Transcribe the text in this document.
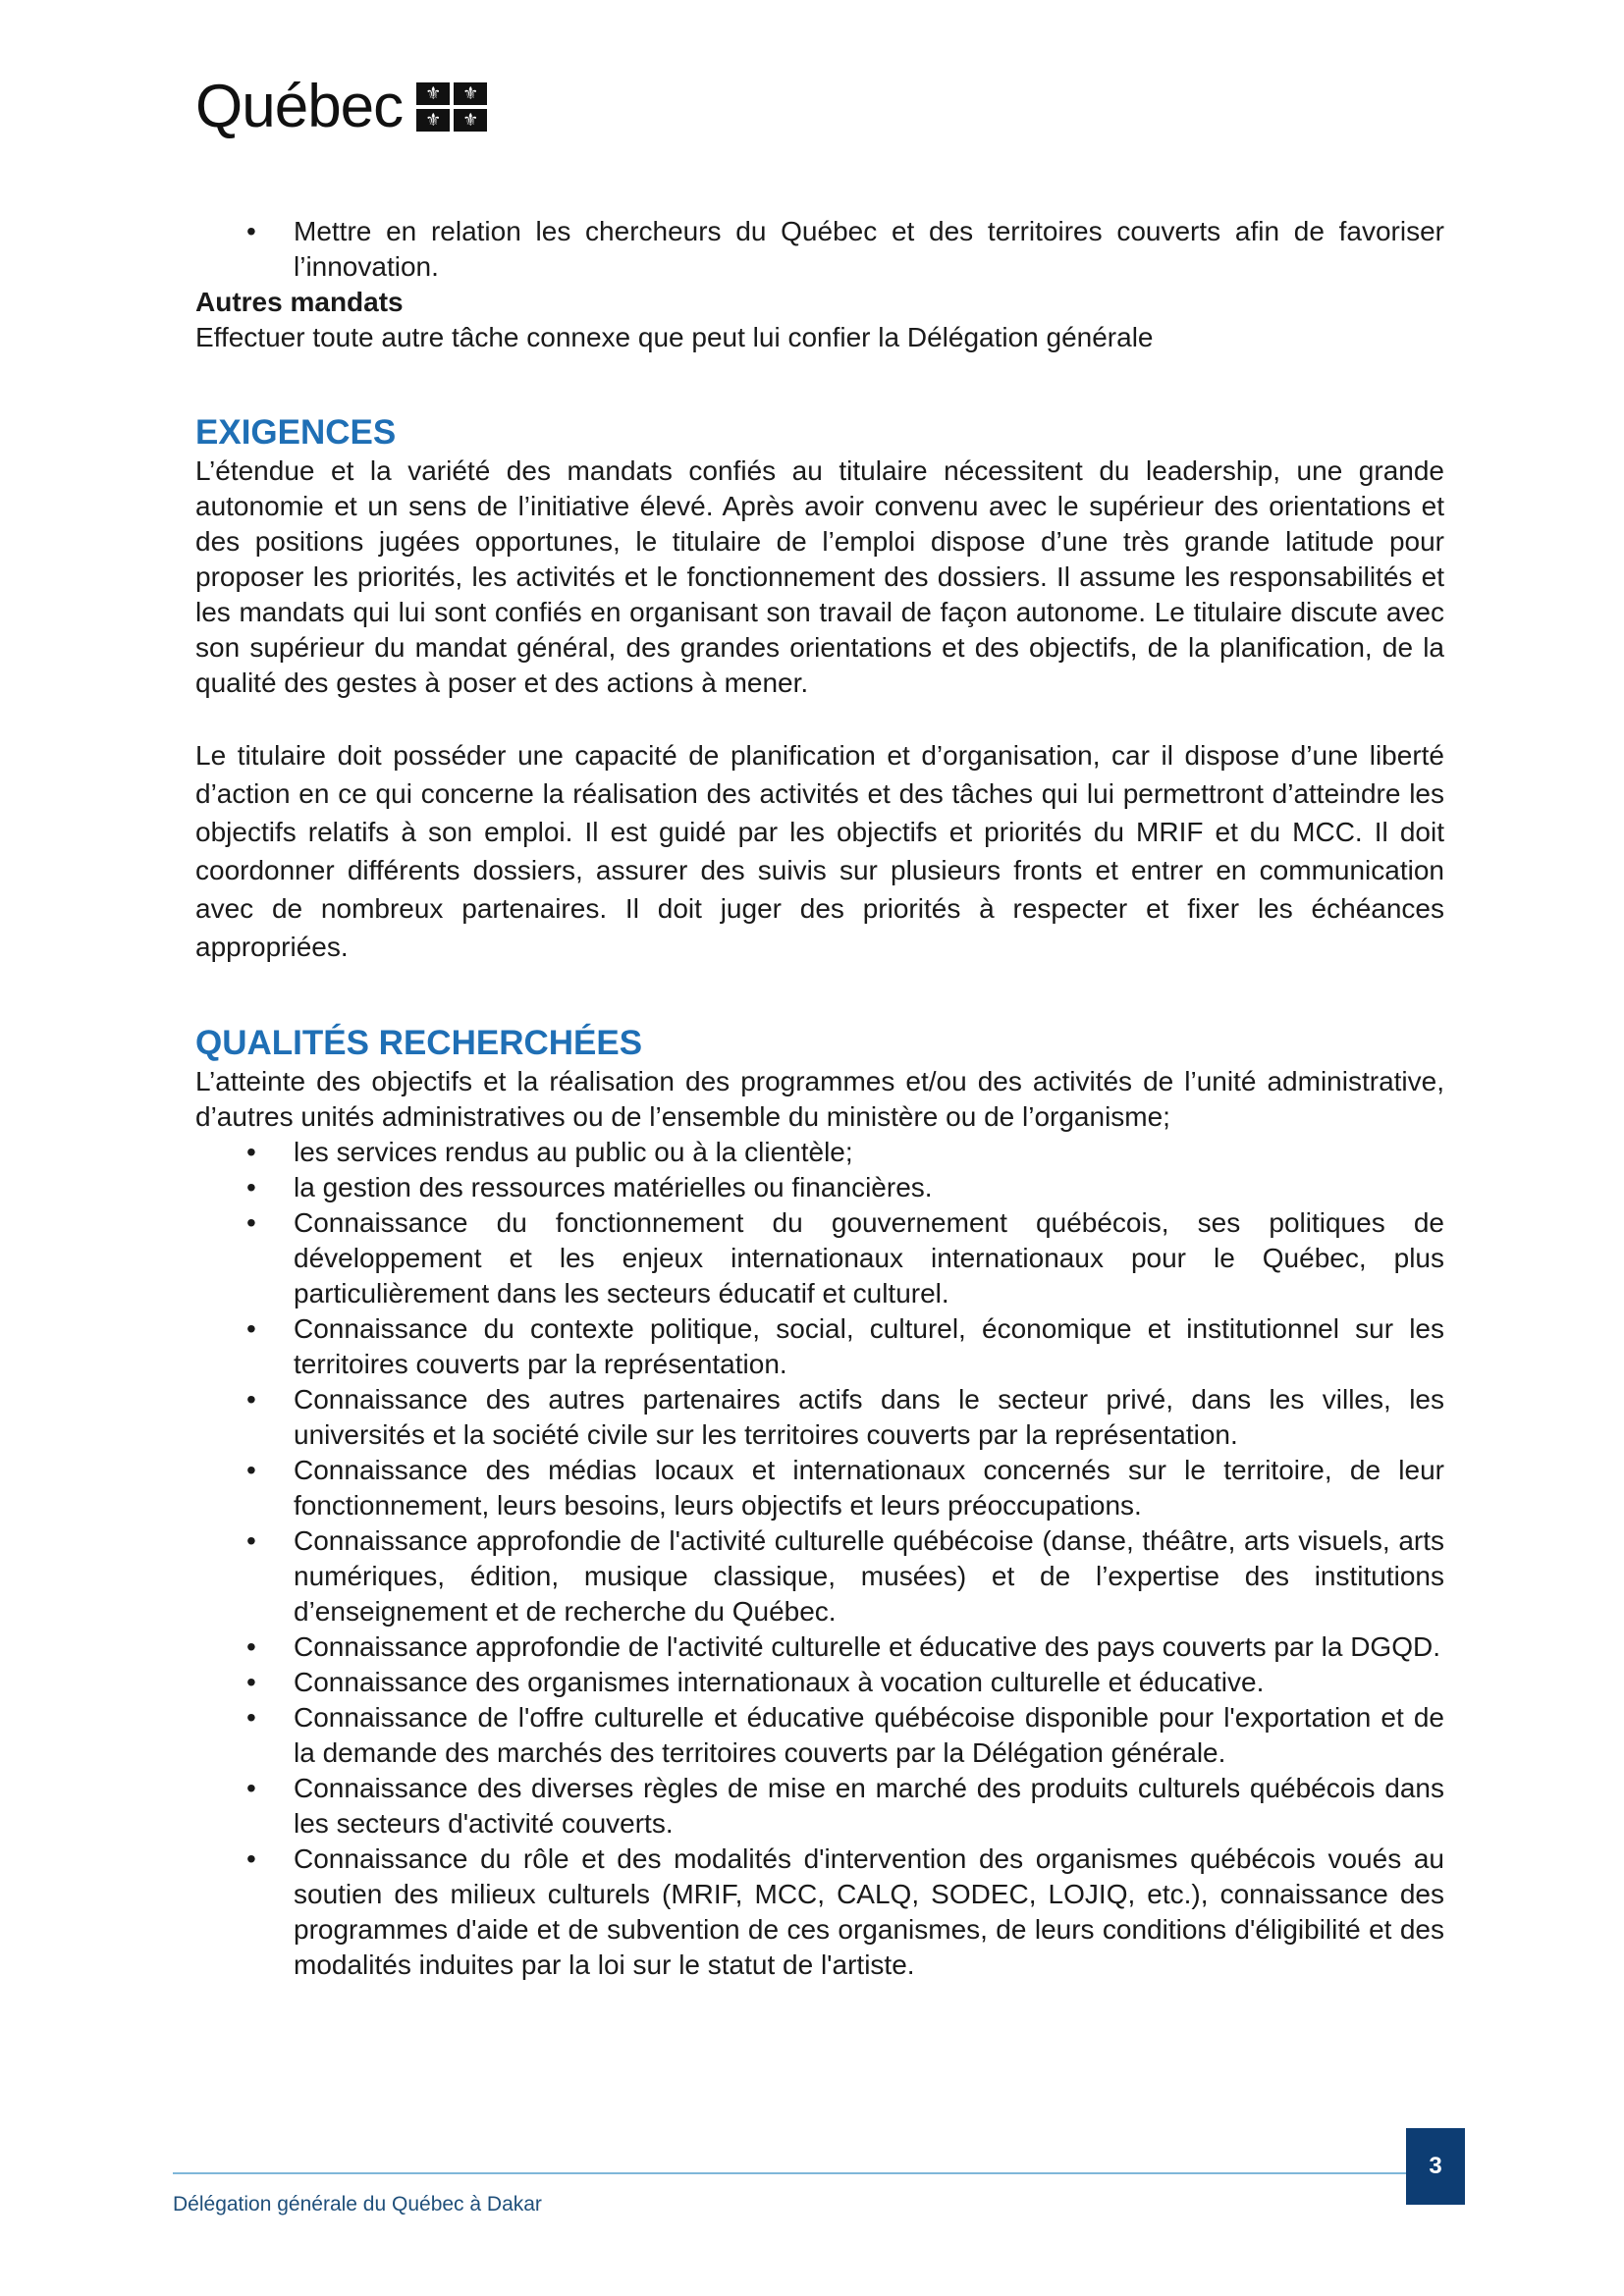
Québec	⚜	⚜
⚜	⚜
• Mettre en relation les chercheurs du Québec et des territoires couverts afin de favoriser l’innovation.

Autres mandats

Effectuer toute autre tâche connexe que peut lui confier la Délégation générale

EXIGENCES

L’étendue et la variété des mandats confiés au titulaire nécessitent du leadership, une grande autonomie et un sens de l’initiative élevé. Après avoir convenu avec le supérieur des orientations et des positions jugées opportunes, le titulaire de l’emploi dispose d’une très grande latitude pour proposer les priorités, les activités et le fonctionnement des dossiers. Il assume les responsabilités et les mandats qui lui sont confiés en organisant son travail de façon autonome. Le titulaire discute avec son supérieur du mandat général, des grandes orientations et des objectifs, de la planification, de la qualité des gestes à poser et des actions à mener.

Le titulaire doit posséder une capacité de planification et d’organisation, car il dispose d’une liberté d’action en ce qui concerne la réalisation des activités et des tâches qui lui permettront d’atteindre les objectifs relatifs à son emploi. Il est guidé par les objectifs et priorités du MRIF et du MCC. Il doit coordonner différents dossiers, assurer des suivis sur plusieurs fronts et entrer en communication avec de nombreux partenaires. Il doit juger des priorités à respecter et fixer les échéances appropriées.

QUALITÉS RECHERCHÉES

L’atteinte des objectifs et la réalisation des programmes et/ou des activités de l’unité administrative, d’autres unités administratives ou de l’ensemble du ministère ou de l’organisme;

• les services rendus au public ou à la clientèle;
• la gestion des ressources matérielles ou financières.
• Connaissance du fonctionnement du gouvernement québécois, ses politiques de développement et les enjeux internationaux internationaux pour le Québec, plus particulièrement dans les secteurs éducatif et culturel.
• Connaissance du contexte politique, social, culturel, économique et institutionnel sur les territoires couverts par la représentation.
• Connaissance des autres partenaires actifs dans le secteur privé, dans les villes, les universités et la société civile sur les territoires couverts par la représentation.
• Connaissance des médias locaux et internationaux concernés sur le territoire, de leur fonctionnement, leurs besoins, leurs objectifs et leurs préoccupations.
• Connaissance approfondie de l'activité culturelle québécoise (danse, théâtre, arts visuels, arts numériques, édition, musique classique, musées) et de l’expertise des institutions d’enseignement et de recherche du Québec.
• Connaissance approfondie de l'activité culturelle et éducative des pays couverts par la DGQD.
• Connaissance des organismes internationaux à vocation culturelle et éducative.
• Connaissance de l'offre culturelle et éducative québécoise disponible pour l'exportation et de la demande des marchés des territoires couverts par la Délégation générale.
• Connaissance des diverses règles de mise en marché des produits culturels québécois dans les secteurs d'activité couverts.
• Connaissance du rôle et des modalités d'intervention des organismes québécois voués au soutien des milieux culturels (MRIF, MCC, CALQ, SODEC, LOJIQ, etc.), connaissance des programmes d'aide et de subvention de ces organismes, de leurs conditions d'éligibilité et des modalités induites par la loi sur le statut de l'artiste.
Délégation générale du Québec à Dakar
3
